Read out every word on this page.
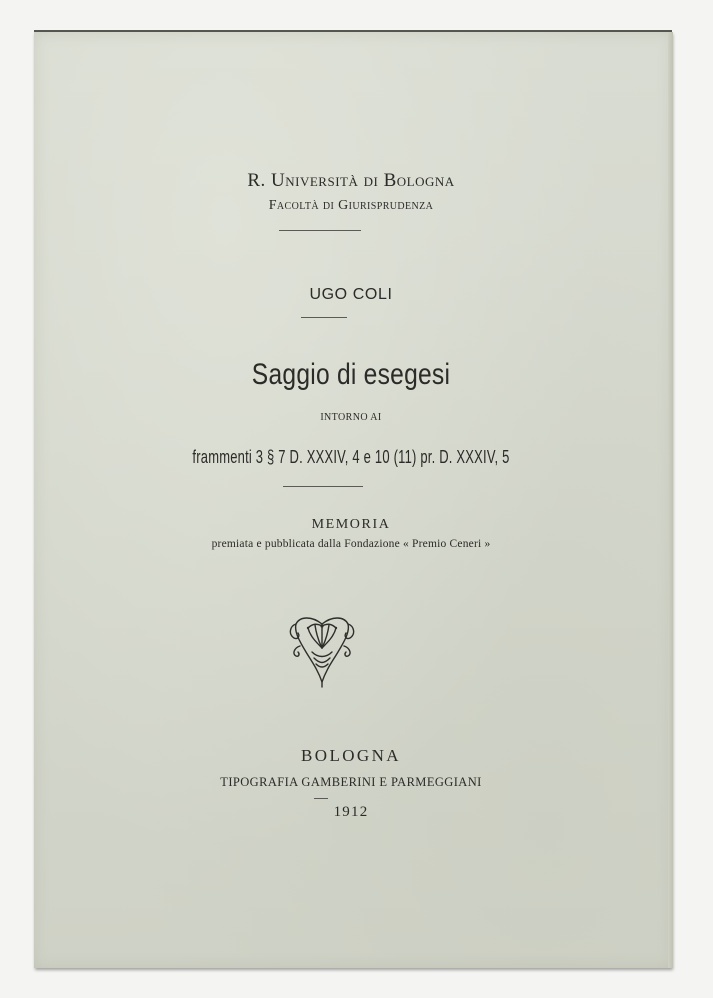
R. Università di Bologna
Facoltà di Giurisprudenza
UGO COLI
Saggio di esegesi
INTORNO AI
frammenti 3 § 7 D. XXXIV, 4 e 10 (11) pr. D. XXXIV, 5
MEMORIA
premiata e pubblicata dalla Fondazione « Premio Ceneri »
BOLOGNA
TIPOGRAFIA GAMBERINI E PARMEGGIANI
1912
